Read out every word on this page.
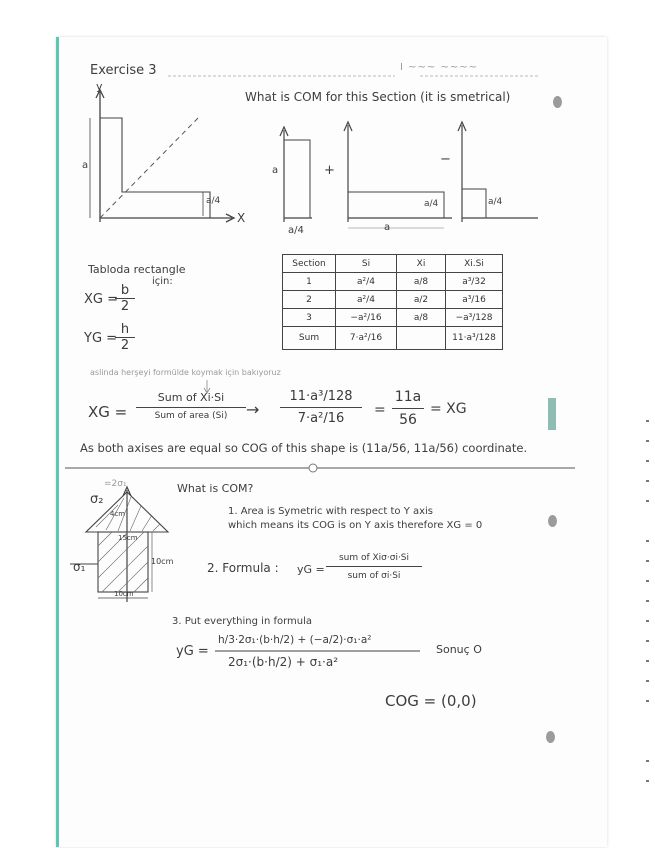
Exercise 3	I ~~~ ~~~~
What is COM for this Section (it is smetrical)
y
X
a
a/4
a	+
−
a/4	a
a/4	a/4
Tabloda rectangle
için:
XG =
$\frac{b}{2}$
YG =
$\frac{h}{2}$
Section	Si	Xi	Xi.Si
1	a²/4	a/8	a³/32
2	a²/4	a/2	a³/16
3	−a²/16	a/8	−a³/128
Sum	7·a²/16		11·a³/128
aslinda herşeyi formülde koymak için bakıyoruz
XG =
Sum of Xi·Si
Sum of area (Si)	→ $\frac{\text{11·a³/128}}{\text{7·a²/16}} = \frac{11a}{56}$ = XG
As both axises are equal so COG of this shape is (11a/56, 11a/56) coordinate.
What is COM?
σ₂
=2σ₁
σ₁
4cm
15cm
10cm
10cm
1. Area is Symetric with respect to Y axis
which means its COG is on Y axis therefore XG = 0
2. Formula : yG =
sum of Xiσ·σi·Si
sum of σi·Si
3. Put everything in formula
yG =
h/3·2σ₁·(b·h/2) + (−a/2)·σ₁·a²
2σ₁·(b·h/2) + σ₁·a²
Sonuç O
COG = (0,0)
